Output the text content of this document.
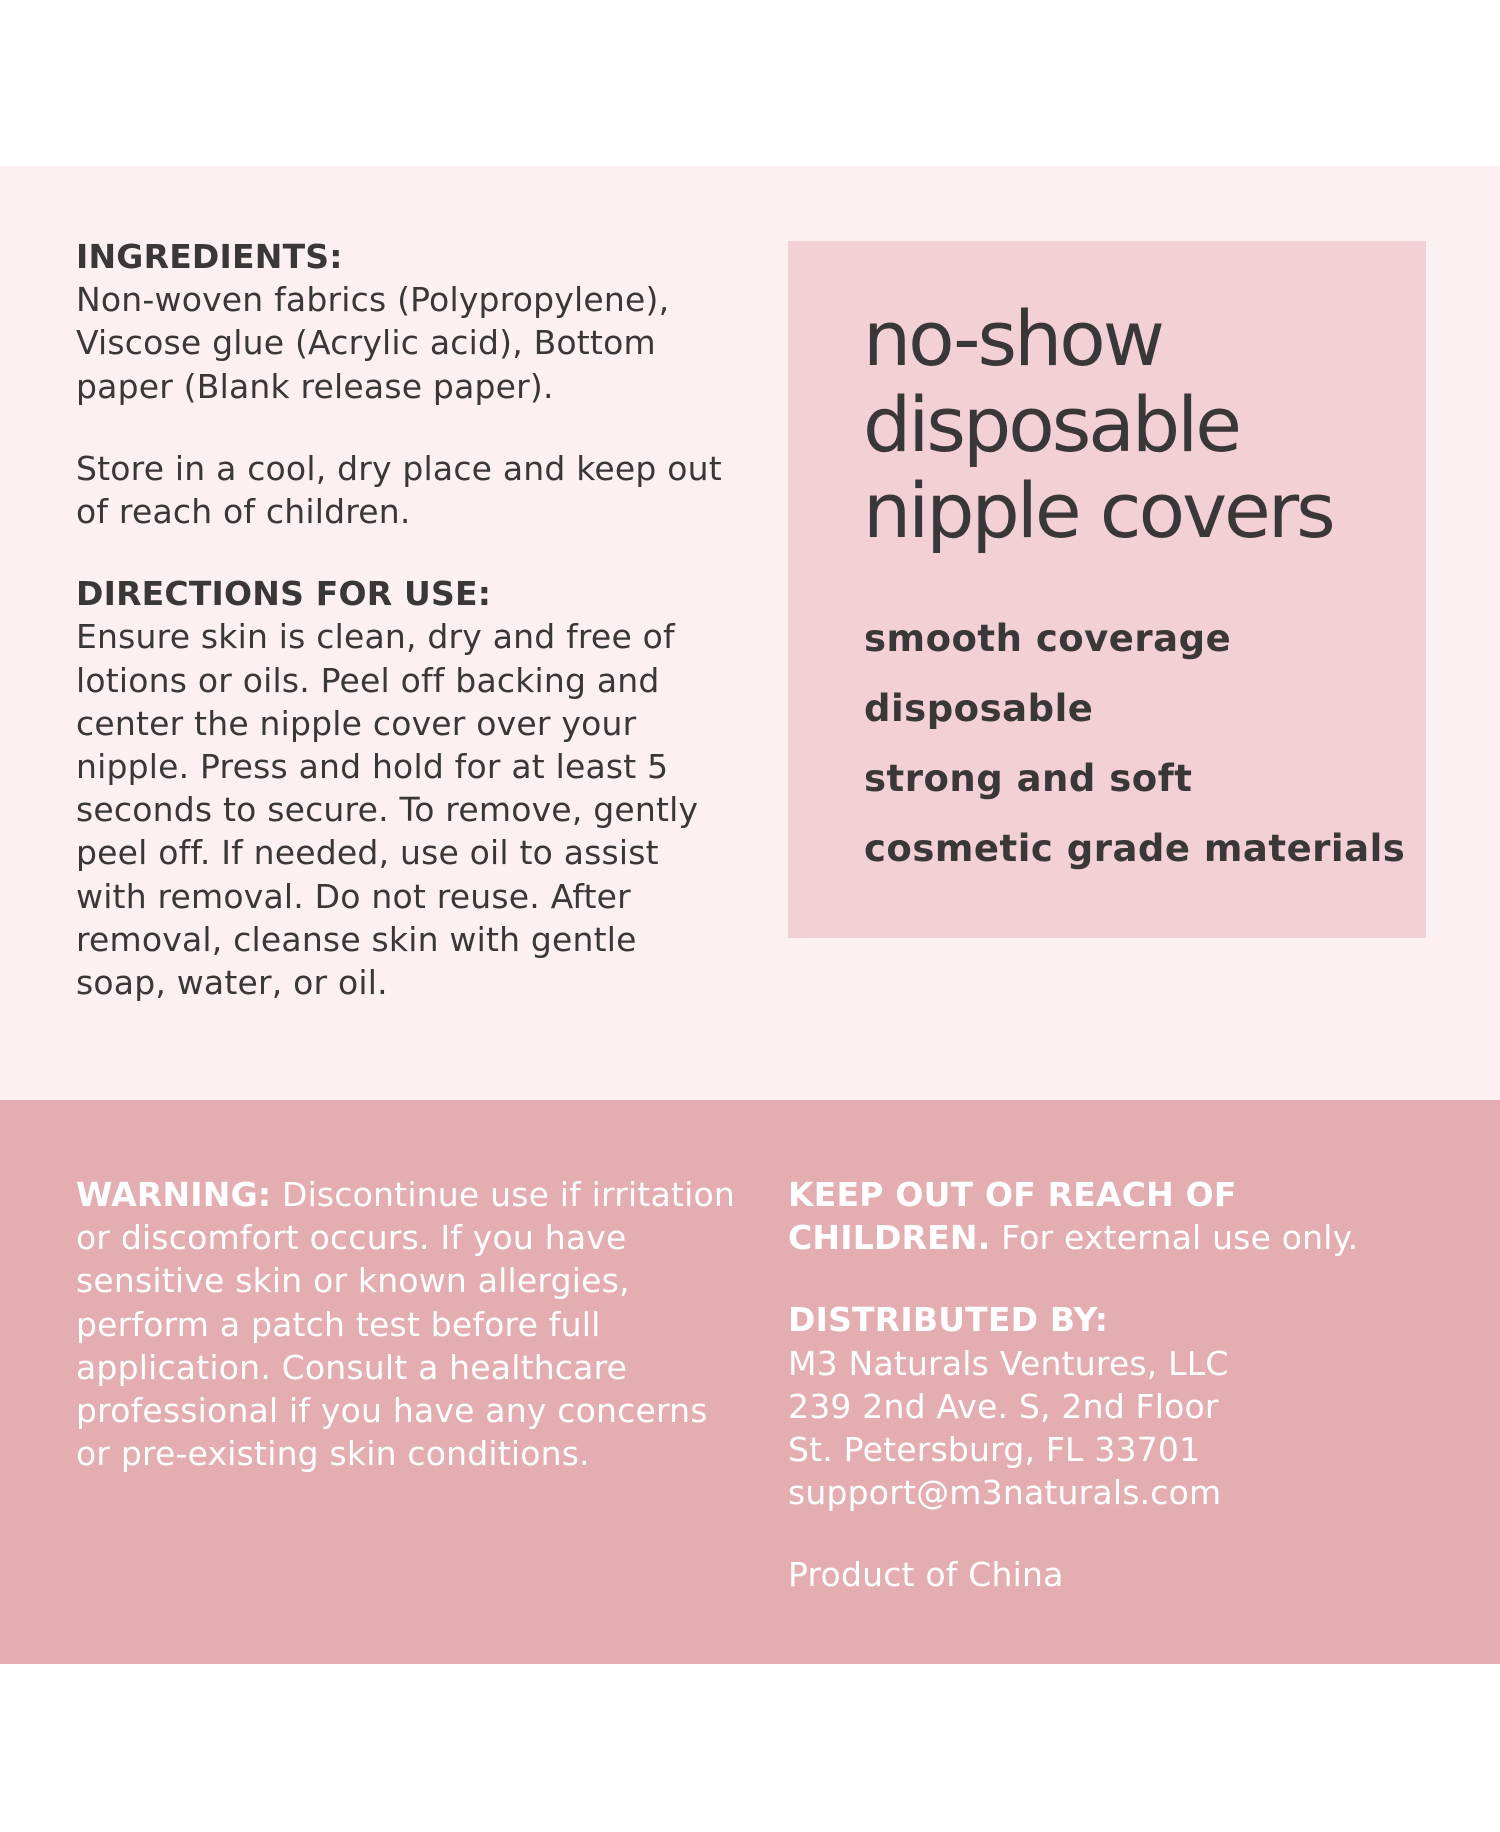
INGREDIENTS:

Non-woven fabrics (Polypropylene),

Viscose glue (Acrylic acid), Bottom

paper (Blank release paper).

Store in a cool, dry place and keep out

of reach of children.

DIRECTIONS FOR USE:

Ensure skin is clean, dry and free of

lotions or oils. Peel off backing and

center the nipple cover over your

nipple. Press and hold for at least 5

seconds to secure. To remove, gently

peel off. If needed, use oil to assist

with removal. Do not reuse. After

removal, cleanse skin with gentle

soap, water, or oil.

no-show
disposable
nipple covers
smooth coverage
disposable
strong and soft
cosmetic grade materials

WARNING: Discontinue use if irritation

or discomfort occurs. If you have

sensitive skin or known allergies,

perform a patch test before full

application. Consult a healthcare

professional if you have any concerns

or pre-existing skin conditions.

KEEP OUT OF REACH OF

CHILDREN. For external use only.

DISTRIBUTED BY:

M3 Naturals Ventures, LLC

239 2nd Ave. S, 2nd Floor

St. Petersburg, FL 33701

support@m3naturals.com

Product of China
